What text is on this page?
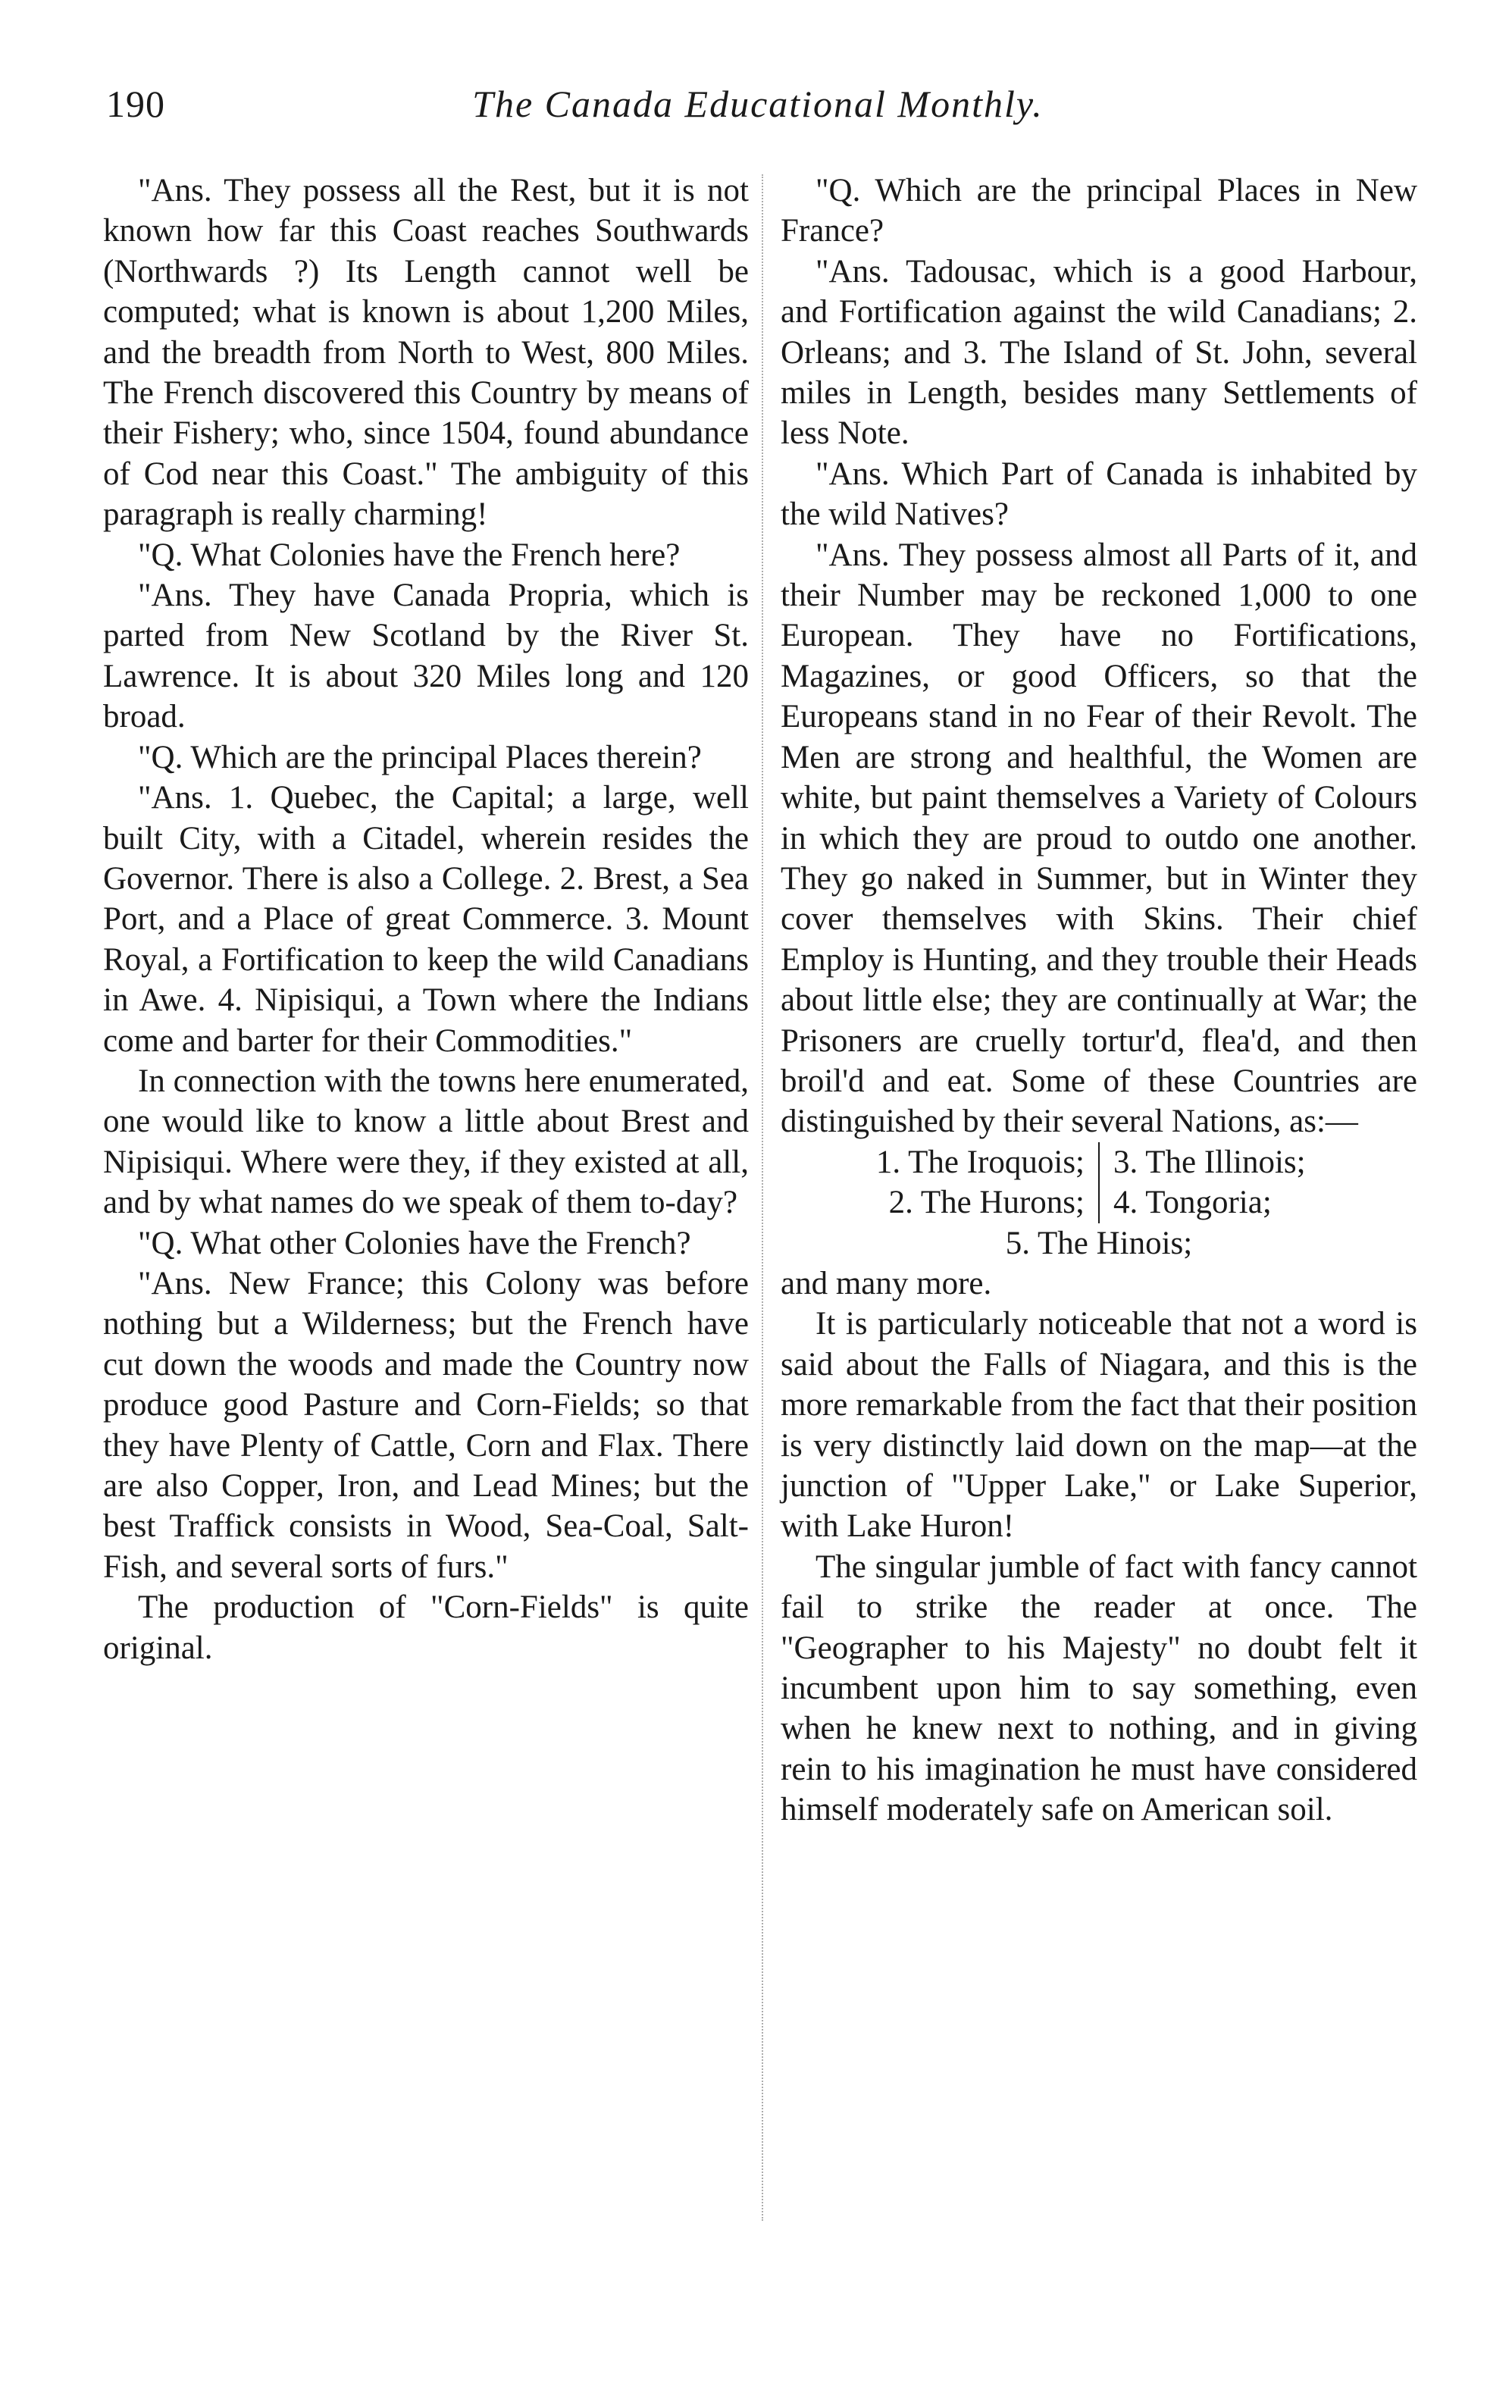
190	The Canada Educational Monthly.

"Ans. They possess all the Rest, but it is not known how far this Coast reaches Southwards (Northwards ?) Its Length cannot well be computed; what is known is about 1,200 Miles, and the breadth from North to West, 800 Miles. The French discovered this Country by means of their Fishery; who, since 1504, found abundance of Cod near this Coast." The ambiguity of this paragraph is really charming!

"Q. What Colonies have the French here?

"Ans. They have Canada Propria, which is parted from New Scotland by the River St. Lawrence. It is about 320 Miles long and 120 broad.

"Q. Which are the principal Places therein?

"Ans. 1. Quebec, the Capital; a large, well built City, with a Citadel, wherein resides the Governor. There is also a College. 2. Brest, a Sea Port, and a Place of great Commerce. 3. Mount Royal, a Fortification to keep the wild Canadians in Awe. 4. Nipisiqui, a Town where the Indians come and barter for their Commodities."

In connection with the towns here enumerated, one would like to know a little about Brest and Nipisiqui. Where were they, if they existed at all, and by what names do we speak of them to-day?

"Q. What other Colonies have the French?

"Ans. New France; this Colony was before nothing but a Wilderness; but the French have cut down the woods and made the Country now produce good Pasture and Corn-Fields; so that they have Plenty of Cattle, Corn and Flax. There are also Copper, Iron, and Lead Mines; but the best Traffick consists in Wood, Sea-Coal, Salt-Fish, and several sorts of furs."

The production of "Corn-Fields" is quite original.

"Q. Which are the principal Places in New France?

"Ans. Tadousac, which is a good Harbour, and Fortification against the wild Canadians; 2. Orleans; and 3. The Island of St. John, several miles in Length, besides many Settlements of less Note.

"Ans. Which Part of Canada is inhabited by the wild Natives?

"Ans. They possess almost all Parts of it, and their Number may be reckoned 1,000 to one European. They have no Fortifications, Magazines, or good Officers, so that the Europeans stand in no Fear of their Revolt. The Men are strong and healthful, the Women are white, but paint themselves a Variety of Colours in which they are proud to outdo one another. They go naked in Summer, but in Winter they cover themselves with Skins. Their chief Employ is Hunting, and they trouble their Heads about little else; they are continually at War; the Prisoners are cruelly tortur'd, flea'd, and then broil'd and eat. Some of these Countries are distinguished by their several Nations, as:—

1. The Iroquois; 3. The Illinois;
2. The Hurons; 4. Tongoria;
5. The Hinois;
and many more.

It is particularly noticeable that not a word is said about the Falls of Niagara, and this is the more remarkable from the fact that their position is very distinctly laid down on the map—at the junction of "Upper Lake," or Lake Superior, with Lake Huron!

The singular jumble of fact with fancy cannot fail to strike the reader at once. The "Geographer to his Majesty" no doubt felt it incumbent upon him to say something, even when he knew next to nothing, and in giving rein to his imagination he must have considered himself moderately safe on American soil.
